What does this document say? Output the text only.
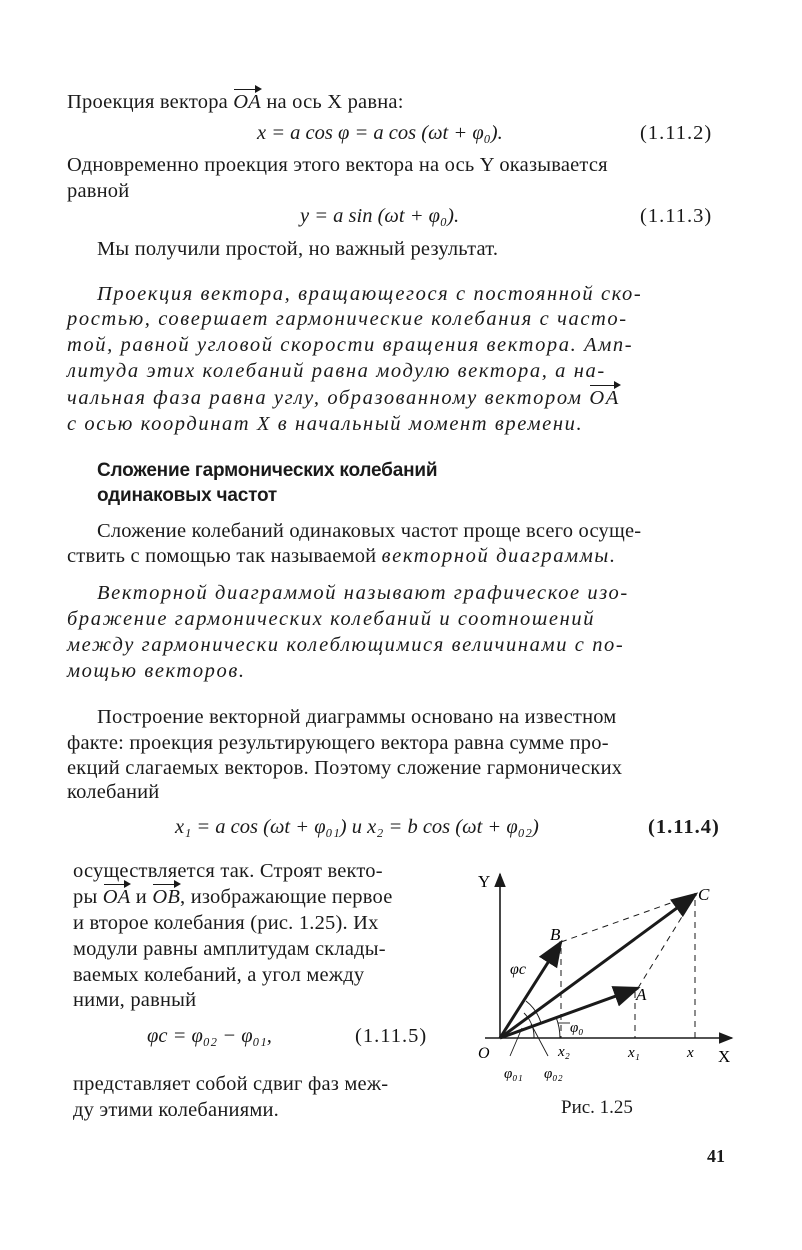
Проекция вектора OA на ось X равна:
x = a cos φ = a cos (ωt + φ₀).	(1.11.2)
Одновременно проекция этого вектора на ось Y оказывается
равной
y = a sin (ωt + φ₀).	(1.11.3)
Мы получили простой, но важный результат.
Проекция вектора, вращающегося с постоянной ско-
ростью, совершает гармонические колебания с часто-
той, равной угловой скорости вращения вектора. Амп-
литуда этих колебаний равна модулю вектора, а на-
чальная фаза равна углу, образованному вектором OA
с осью координат X в начальный момент времени.
Сложение гармонических колебаний
одинаковых частот
Сложение колебаний одинаковых частот проще всего осуще-
ствить с помощью так называемой векторной диаграммы.
Векторной диаграммой называют графическое изо-
бражение гармонических колебаний и соотношений
между гармонически колеблющимися величинами с по-
мощью векторов.
Построение векторной диаграммы основано на известном
факте: проекция результирующего вектора равна сумме про-
екций слагаемых векторов. Поэтому сложение гармонических
колебаний
x₁ = a cos (ωt + φ₀₁) и x₂ = b cos (ωt + φ₀₂)	(1.11.4)
осуществляется так. Строят векто-
ры OA и OB, изображающие первое
и второе колебания (рис. 1.25). Их
модули равны амплитудам склады-
ваемых колебаний, а угол между
ними, равный
φc = φ₀₂ − φ₀₁,	(1.11.5)
представляет собой сдвиг фаз меж-
ду этими колебаниями.
Y
X
O
C
B
A
φc
φ₀
x₂	x₁	x
φ₀₁ φ₀₂
Рис. 1.25
41
